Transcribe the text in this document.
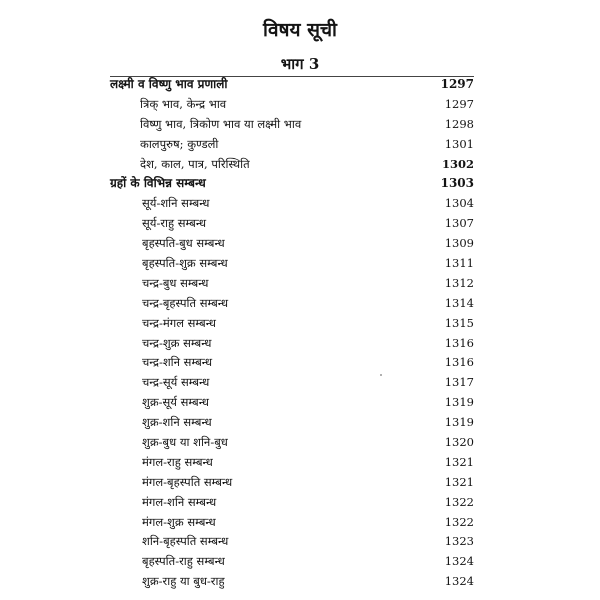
विषय सूची
भाग 3
लक्ष्मी व विष्णु भाव प्रणाली	1297
त्रिक् भाव, केन्द्र भाव	1297
विष्णु भाव, त्रिकोण भाव या लक्ष्मी भाव	1298
कालपुरुष; कुण्डली	1301
देश, काल, पात्र, परिस्थिति	1302
ग्रहों के विभिन्न सम्बन्ध	1303
सूर्य-शनि सम्बन्ध	1304
सूर्य-राहु सम्बन्ध	1307
बृहस्पति-बुध सम्बन्ध	1309
बृहस्पति-शुक्र सम्बन्ध	1311
चन्द्र-बुध सम्बन्ध	1312
चन्द्र-बृहस्पति सम्बन्ध	1314
चन्द्र-मंगल सम्बन्ध	1315
चन्द्र-शुक्र सम्बन्ध	1316
चन्द्र-शनि सम्बन्ध	1316
चन्द्र-सूर्य सम्बन्ध	1317
शुक्र-सूर्य सम्बन्ध	1319
शुक्र-शनि सम्बन्ध	1319
शुक्र-बुध या शनि-बुध	1320
मंगल-राहु सम्बन्ध	1321
मंगल-बृहस्पति सम्बन्ध	1321
मंगल-शनि सम्बन्ध	1322
मंगल-शुक्र सम्बन्ध	1322
शनि-बृहस्पति सम्बन्ध	1323
बृहस्पति-राहु सम्बन्ध	1324
शुक्र-राहु या बुध-राहु	1324
